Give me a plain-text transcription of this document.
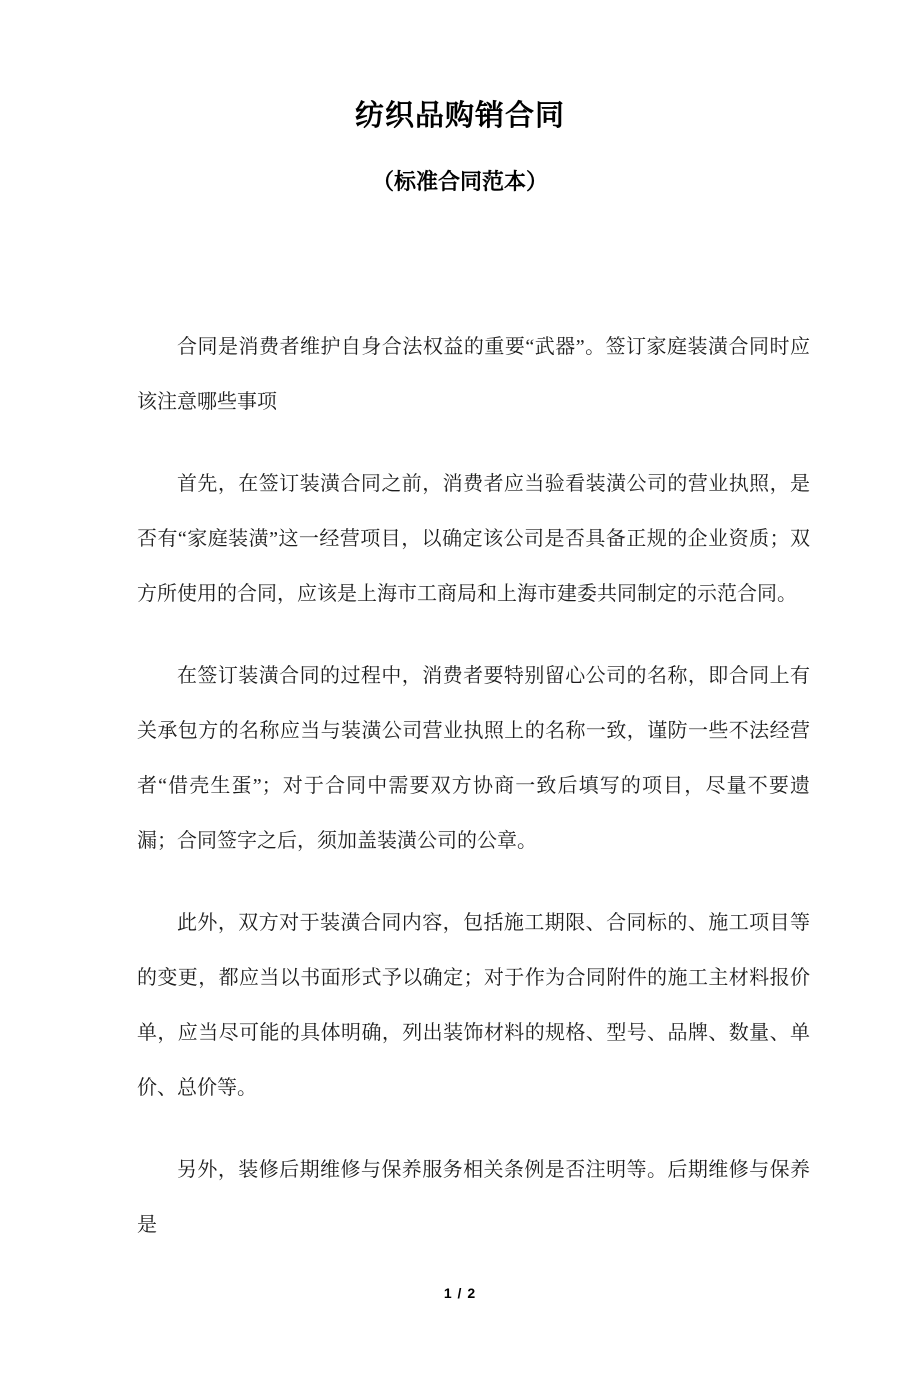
纺织品购销合同
（标准合同范本）

合同是消费者维护自身合法权益的重要“武器”。签订家庭装潢合同时应该注意哪些事项

首先，在签订装潢合同之前，消费者应当验看装潢公司的营业执照，是否有“家庭装潢”这一经营项目，以确定该公司是否具备正规的企业资质；双方所使用的合同，应该是上海市工商局和上海市建委共同制定的示范合同。

在签订装潢合同的过程中，消费者要特别留心公司的名称，即合同上有关承包方的名称应当与装潢公司营业执照上的名称一致，谨防一些不法经营者“借壳生蛋”；对于合同中需要双方协商一致后填写的项目，尽量不要遗漏；合同签字之后，须加盖装潢公司的公章。

此外，双方对于装潢合同内容，包括施工期限、合同标的、施工项目等的变更，都应当以书面形式予以确定；对于作为合同附件的施工主材料报价单，应当尽可能的具体明确，列出装饰材料的规格、型号、品牌、数量、单价、总价等。

另外，装修后期维修与保养服务相关条例是否注明等。后期维修与保养是

1 / 2
